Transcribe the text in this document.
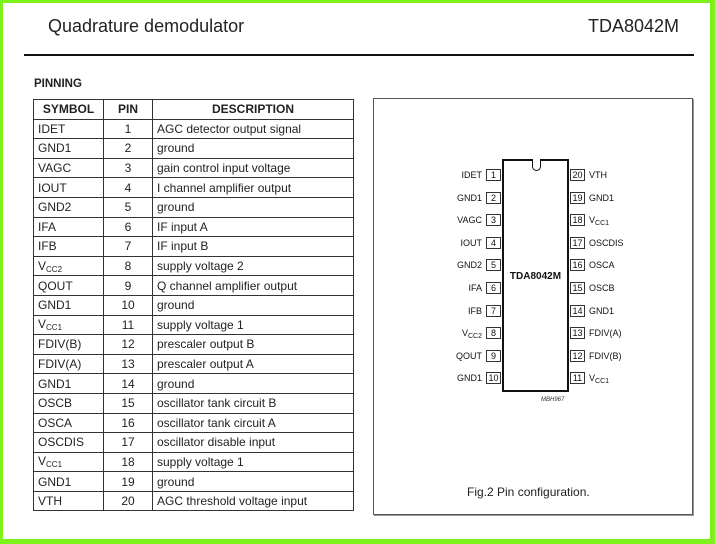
Quadrature demodulator	TDA8042M
PINNING
SYMBOL	PIN	DESCRIPTION
IDET	1	AGC detector output signal
GND1	2	ground
VAGC	3	gain control input voltage
IOUT	4	I channel amplifier output
GND2	5	ground
IFA	6	IF input A
IFB	7	IF input B
$V_{CC2}$	8	supply voltage 2
QOUT	9	Q channel amplifier output
GND1	10	ground
$V_{CC1}$	11	supply voltage 1
FDIV(B)	12	prescaler output B
FDIV(A)	13	prescaler output A
GND1	14	ground
OSCB	15	oscillator tank circuit B
OSCA	16	oscillator tank circuit A
OSCDIS	17	oscillator disable input
$V_{CC1}$	18	supply voltage 1
GND1	19	ground
VTH	20	AGC threshold voltage input
TDA8042M
1
IDET
2
GND1
3
VAGC
4
IOUT
5
GND2
6
IFA
7
IFB
8
$V_{CC2}$
9
QOUT
10
GND1
20 VTH
19 GND1
18 $V_{CC1}$
17 OSCDIS
16 OSCA
15 OSCB
14 GND1
13 FDIV(A)
12 FDIV(B)
11 $V_{CC1}$
MBH967
Fig.2 Pin configuration.
